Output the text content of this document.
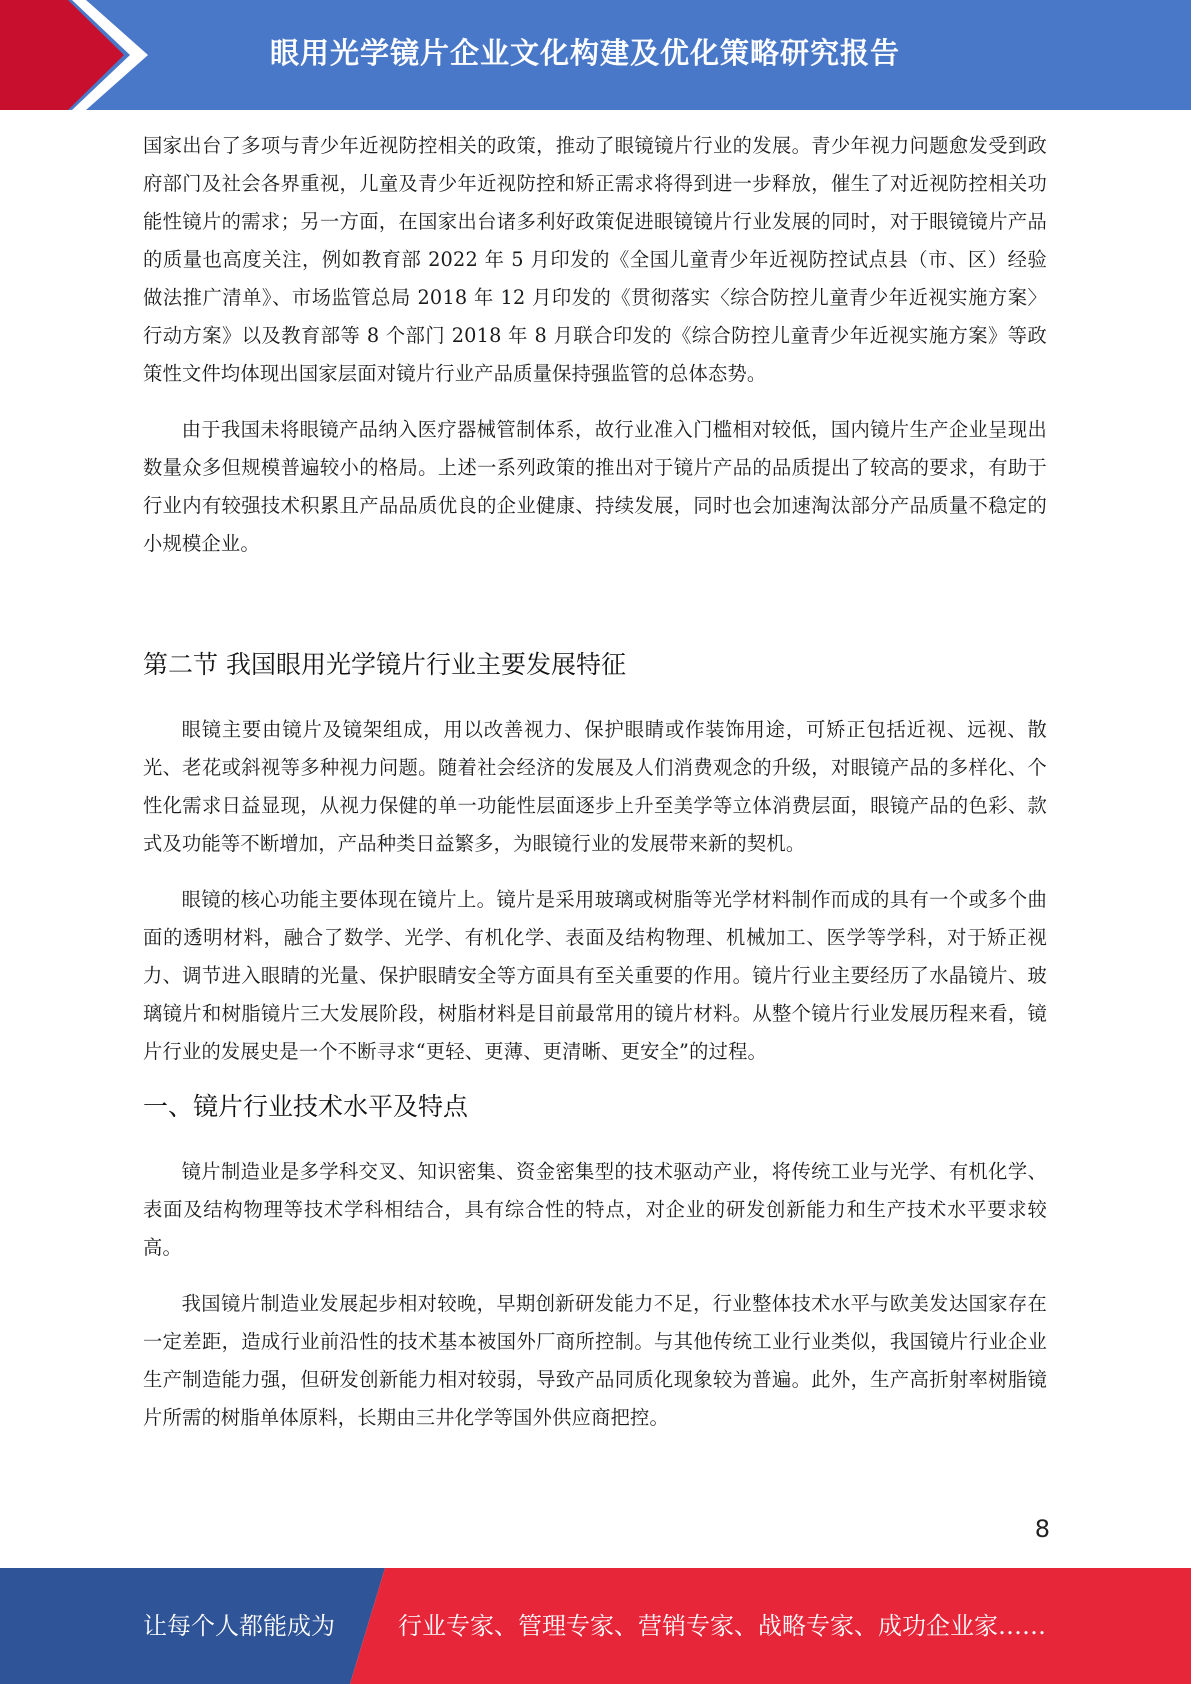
眼用光学镜片企业文化构建及优化策略研究报告

国家出台了多项与青少年近视防控相关的政策，推动了眼镜镜片行业的发展。青少年视力问题愈发受到政府部门及社会各界重视，儿童及青少年近视防控和矫正需求将得到进一步释放，催生了对近视防控相关功能性镜片的需求；另一方面，在国家出台诸多利好政策促进眼镜镜片行业发展的同时，对于眼镜镜片产品的质量也高度关注，例如教育部 2022 年 5 月印发的《全国儿童青少年近视防控试点县（市、区）经验做法推广清单》、市场监管总局 2018 年 12 月印发的《贯彻落实〈综合防控儿童青少年近视实施方案〉行动方案》以及教育部等 8 个部门 2018 年 8 月联合印发的《综合防控儿童青少年近视实施方案》等政策性文件均体现出国家层面对镜片行业产品质量保持强监管的总体态势。

由于我国未将眼镜产品纳入医疗器械管制体系，故行业准入门槛相对较低，国内镜片生产企业呈现出数量众多但规模普遍较小的格局。上述一系列政策的推出对于镜片产品的品质提出了较高的要求，有助于行业内有较强技术积累且产品品质优良的企业健康、持续发展，同时也会加速淘汰部分产品质量不稳定的小规模企业。

第二节 我国眼用光学镜片行业主要发展特征

眼镜主要由镜片及镜架组成，用以改善视力、保护眼睛或作装饰用途，可矫正包括近视、远视、散光、老花或斜视等多种视力问题。随着社会经济的发展及人们消费观念的升级，对眼镜产品的多样化、个性化需求日益显现，从视力保健的单一功能性层面逐步上升至美学等立体消费层面，眼镜产品的色彩、款式及功能等不断增加，产品种类日益繁多，为眼镜行业的发展带来新的契机。

眼镜的核心功能主要体现在镜片上。镜片是采用玻璃或树脂等光学材料制作而成的具有一个或多个曲面的透明材料，融合了数学、光学、有机化学、表面及结构物理、机械加工、医学等学科，对于矫正视力、调节进入眼睛的光量、保护眼睛安全等方面具有至关重要的作用。镜片行业主要经历了水晶镜片、玻璃镜片和树脂镜片三大发展阶段，树脂材料是目前最常用的镜片材料。从整个镜片行业发展历程来看，镜片行业的发展史是一个不断寻求“更轻、更薄、更清晰、更安全”的过程。

一、镜片行业技术水平及特点

镜片制造业是多学科交叉、知识密集、资金密集型的技术驱动产业，将传统工业与光学、有机化学、表面及结构物理等技术学科相结合，具有综合性的特点，对企业的研发创新能力和生产技术水平要求较高。

我国镜片制造业发展起步相对较晚，早期创新研发能力不足，行业整体技术水平与欧美发达国家存在一定差距，造成行业前沿性的技术基本被国外厂商所控制。与其他传统工业行业类似，我国镜片行业企业生产制造能力强，但研发创新能力相对较弱，导致产品同质化现象较为普遍。此外，生产高折射率树脂镜片所需的树脂单体原料，长期由三井化学等国外供应商把控。

8
让每个人都能成为	行业专家、管理专家、营销专家、战略专家、成功企业家……
